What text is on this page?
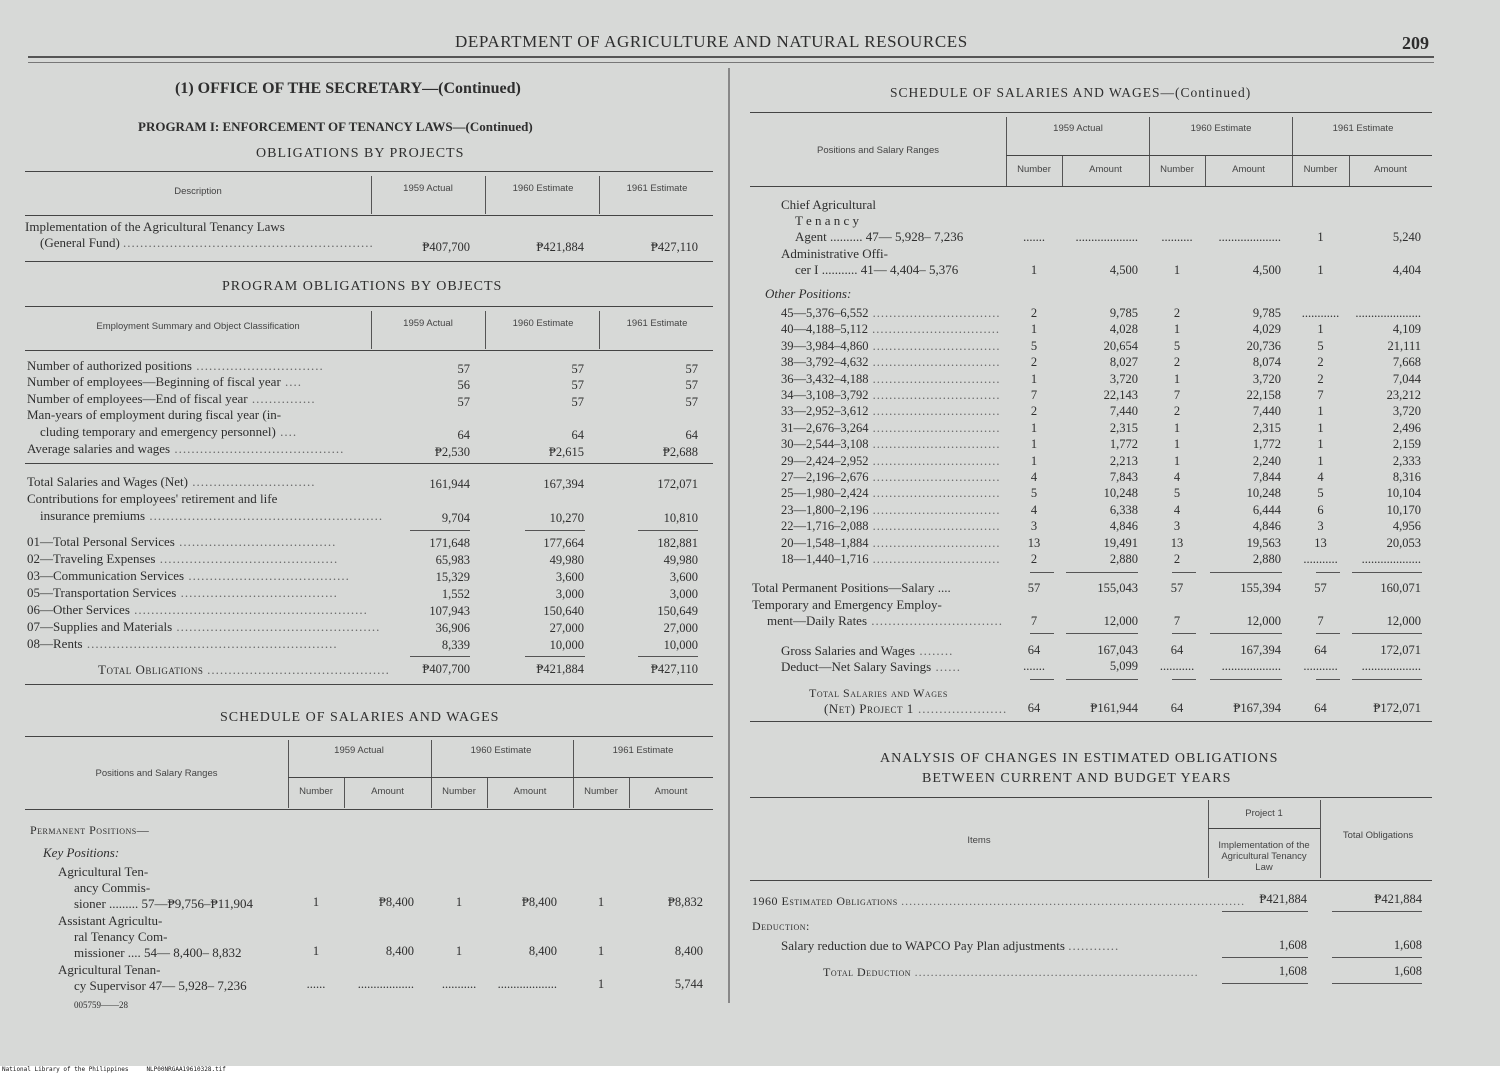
DEPARTMENT OF AGRICULTURE AND NATURAL RESOURCES	209
(1) OFFICE OF THE SECRETARY—(Continued)
PROGRAM I: ENFORCEMENT OF TENANCY LAWS—(Continued)
OBLIGATIONS BY PROJECTS
Description	1959 Actual	1960 Estimate	1961 Estimate
Implementation of the Agricultural Tenancy Laws
(General Fund) ...........................................................	₱407,700	₱421,884	₱427,110
PROGRAM OBLIGATIONS BY OBJECTS
Employment Summary and Object Classification	1959 Actual	1960 Estimate	1961 Estimate
Number of authorized positions ..............................	57	57	57
Number of employees—Beginning of fiscal year ....	56	57	57
Number of employees—End of fiscal year ...............	57	57	57
Man-years of employment during fiscal year (in-
cluding temporary and emergency personnel) ....	64	64	64
Average salaries and wages ........................................	₱2,530	₱2,615	₱2,688
Total Salaries and Wages (Net) .............................	161,944	167,394	172,071
Contributions for employees' retirement and life
insurance premiums .......................................................	9,704	10,270	10,810
01—Total Personal Services .....................................	171,648	177,664	182,881
02—Traveling Expenses ..........................................	65,983	49,980	49,980
03—Communication Services ......................................	15,329	3,600	3,600
05—Transportation Services .....................................	1,552	3,000	3,000
06—Other Services .......................................................	107,943	150,640	150,649
07—Supplies and Materials ................................................	36,906	27,000	27,000
08—Rents ...........................................................	8,339	10,000	10,000
Total Obligations ...........................................	₱407,700	₱421,884	₱427,110
SCHEDULE OF SALARIES AND WAGES
Positions and Salary Ranges
1959 Actual	1960 Estimate	1961 Estimate
Number	Amount	Number	Amount	Number	Amount
Permanent Positions—
Key Positions:
Agricultural Ten-
ancy Commis-
sioner ......... 57—₱9,756–₱11,904	1	₱8,400	1	₱8,400	1	₱8,832
Assistant Agricultu-
ral Tenancy Com-
missioner .... 54— 8,400– 8,832	1	8,400	1	8,400	1	8,400
Agricultural Tenan-
cy Supervisor 47— 5,928– 7,236	......	..................	...........	...................	1	5,744
005759——28
SCHEDULE OF SALARIES AND WAGES—(Continued)
Positions and Salary Ranges
1959 Actual	1960 Estimate	1961 Estimate
Number	Amount	Number	Amount	Number	Amount
Chief Agricultural
T e n a n c y
Agent .......... 47— 5,928– 7,236	.......	....................	..........	....................	1	5,240
Administrative Offi-
cer I ........... 41— 4,404– 5,376	1	4,500	1	4,500	1	4,404
Other Positions:
45—5,376–6,552 ...............................	2	9,785	2	9,785	............	.....................
40—4,188–5,112 ...............................	1	4,028	1	4,029	1	4,109
39—3,984–4,860 ...............................	5	20,654	5	20,736	5	21,111
38—3,792–4,632 ...............................	2	8,027	2	8,074	2	7,668
36—3,432–4,188 ...............................	1	3,720	1	3,720	2	7,044
34—3,108–3,792 ...............................	7	22,143	7	22,158	7	23,212
33—2,952–3,612 ...............................	2	7,440	2	7,440	1	3,720
31—2,676–3,264 ...............................	1	2,315	1	2,315	1	2,496
30—2,544–3,108 ...............................	1	1,772	1	1,772	1	2,159
29—2,424–2,952 ...............................	1	2,213	1	2,240	1	2,333
27—2,196–2,676 ...............................	4	7,843	4	7,844	4	8,316
25—1,980–2,424 ...............................	5	10,248	5	10,248	5	10,104
23—1,800–2,196 ...............................	4	6,338	4	6,444	6	10,170
22—1,716–2,088 ...............................	3	4,846	3	4,846	3	4,956
20—1,548–1,884 ...............................	13	19,491	13	19,563	13	20,053
18—1,440–1,716 ...............................	2	2,880	2	2,880	...........	...................
Total Permanent Positions—Salary ....	57	155,043	57	155,394	57	160,071
Temporary and Emergency Employ-
ment—Daily Rates ...............................	7	12,000	7	12,000	7	12,000
Gross Salaries and Wages ........	64	167,043	64	167,394	64	172,071
Deduct—Net Salary Savings ......	.......	5,099	...........	...................	...........	...................
Total Salaries and Wages
(Net) Project 1 .....................	64	₱161,944	64	₱167,394	64	₱172,071
ANALYSIS OF CHANGES IN ESTIMATED OBLIGATIONS
BETWEEN CURRENT AND BUDGET YEARS
Items
Project 1
Implementation of the Agricultural Tenancy Law
Total Obligations
1960 Estimated Obligations ......................................................................................	₱421,884	₱421,884
Deduction:
Salary reduction due to WAPCO Pay Plan adjustments ............	1,608	1,608
Total Deduction .......................................................................	1,608	1,608
National Library of the Philippines	NLP00NRGAA19610328.tif
